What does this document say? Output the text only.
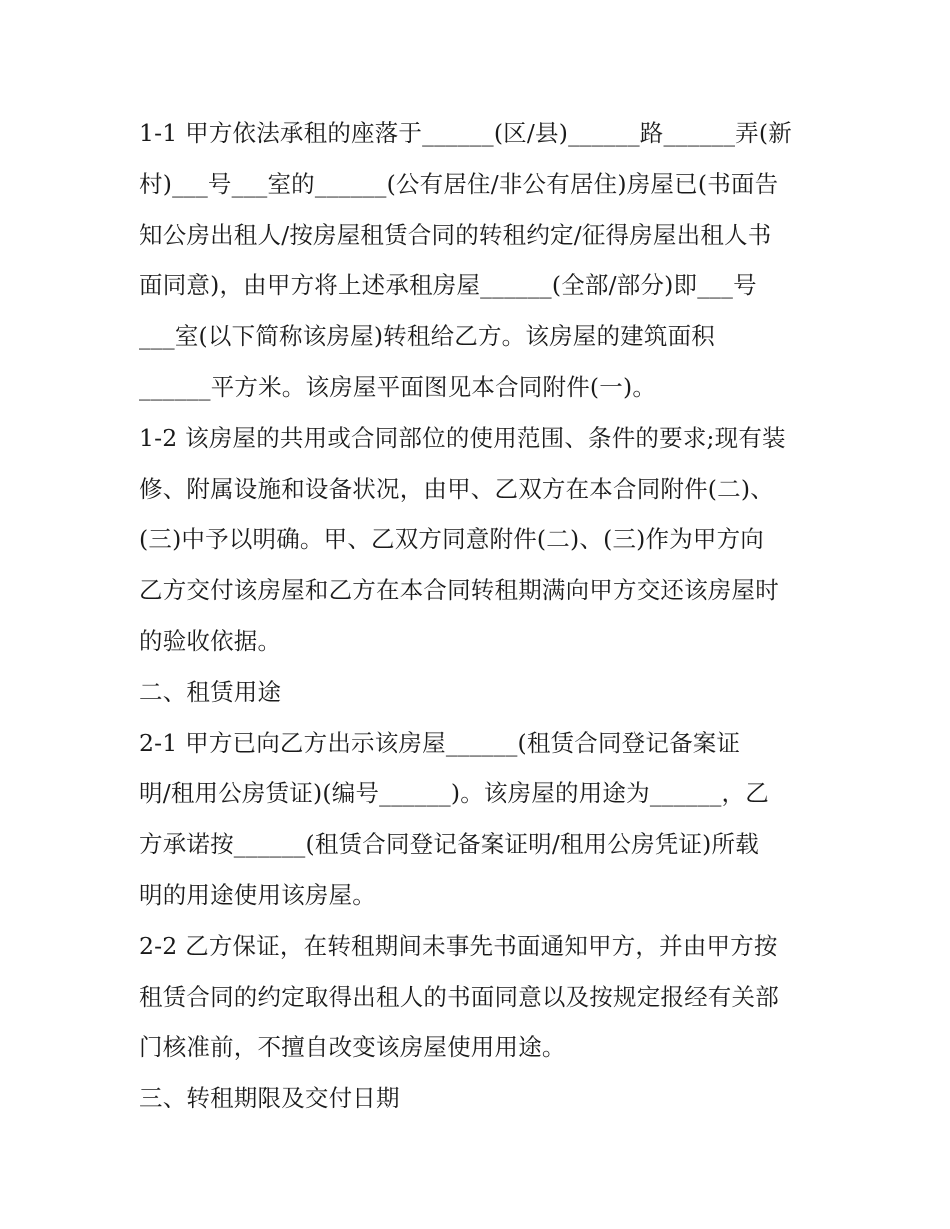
1-1 甲方依法承租的座落于______(区/县)______路______弄(新
村)___号___室的______(公有居住/非公有居住)房屋已(书面告
知公房出租人/按房屋租赁合同的转租约定/征得房屋出租人书
面同意)，由甲方将上述承租房屋______(全部/部分)即___号
___室(以下简称该房屋)转租给乙方。该房屋的建筑面积
______平方米。该房屋平面图见本合同附件(一)。
1-2 该房屋的共用或合同部位的使用范围、条件的要求;现有装
修、附属设施和设备状况，由甲、乙双方在本合同附件(二)、
(三)中予以明确。甲、乙双方同意附件(二)、(三)作为甲方向
乙方交付该房屋和乙方在本合同转租期满向甲方交还该房屋时
的验收依据。
二、租赁用途
2-1 甲方已向乙方出示该房屋______(租赁合同登记备案证
明/租用公房赁证)(编号______)。该房屋的用途为______，乙
方承诺按______(租赁合同登记备案证明/租用公房凭证)所载
明的用途使用该房屋。
2-2 乙方保证，在转租期间未事先书面通知甲方，并由甲方按
租赁合同的约定取得出租人的书面同意以及按规定报经有关部
门核准前，不擅自改变该房屋使用用途。
三、转租期限及交付日期
